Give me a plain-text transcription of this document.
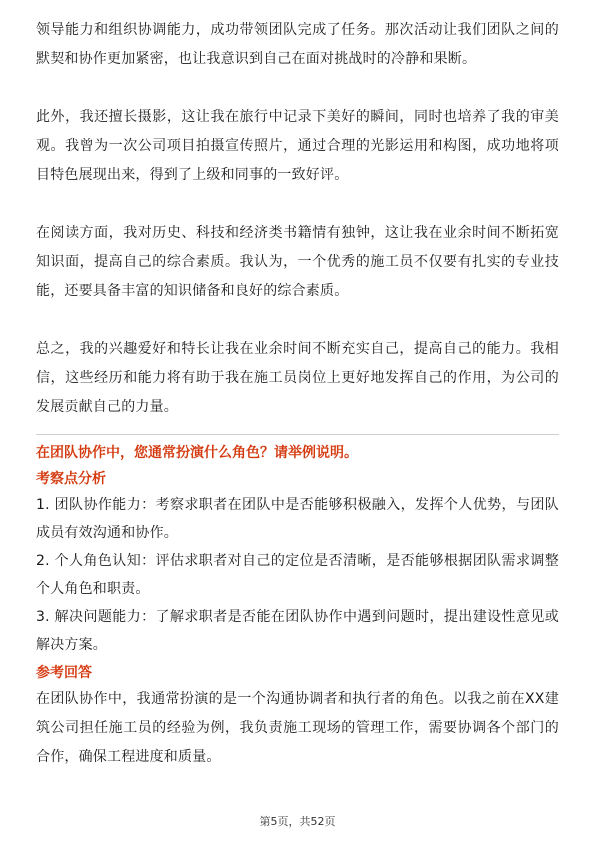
领导能力和组织协调能力，成功带领团队完成了任务。那次活动让我们团队之间的默契和协作更加紧密，也让我意识到自己在面对挑战时的冷静和果断。

此外，我还擅长摄影，这让我在旅行中记录下美好的瞬间，同时也培养了我的审美观。我曾为一次公司项目拍摄宣传照片，通过合理的光影运用和构图，成功地将项目特色展现出来，得到了上级和同事的一致好评。

在阅读方面，我对历史、科技和经济类书籍情有独钟，这让我在业余时间不断拓宽知识面，提高自己的综合素质。我认为，一个优秀的施工员不仅要有扎实的专业技能，还要具备丰富的知识储备和良好的综合素质。

总之，我的兴趣爱好和特长让我在业余时间不断充实自己，提高自己的能力。我相信，这些经历和能力将有助于我在施工员岗位上更好地发挥自己的作用，为公司的发展贡献自己的力量。

在团队协作中，您通常扮演什么角色？请举例说明。

考察点分析

1. 团队协作能力：考察求职者在团队中是否能够积极融入，发挥个人优势，与团队成员有效沟通和协作。

2. 个人角色认知：评估求职者对自己的定位是否清晰，是否能够根据团队需求调整个人角色和职责。

3. 解决问题能力：了解求职者是否能在团队协作中遇到问题时，提出建设性意见或解决方案。

参考回答

在团队协作中，我通常扮演的是一个沟通协调者和执行者的角色。以我之前在XX建筑公司担任施工员的经验为例，我负责施工现场的管理工作，需要协调各个部门的合作，确保工程进度和质量。

第5页，共52页
